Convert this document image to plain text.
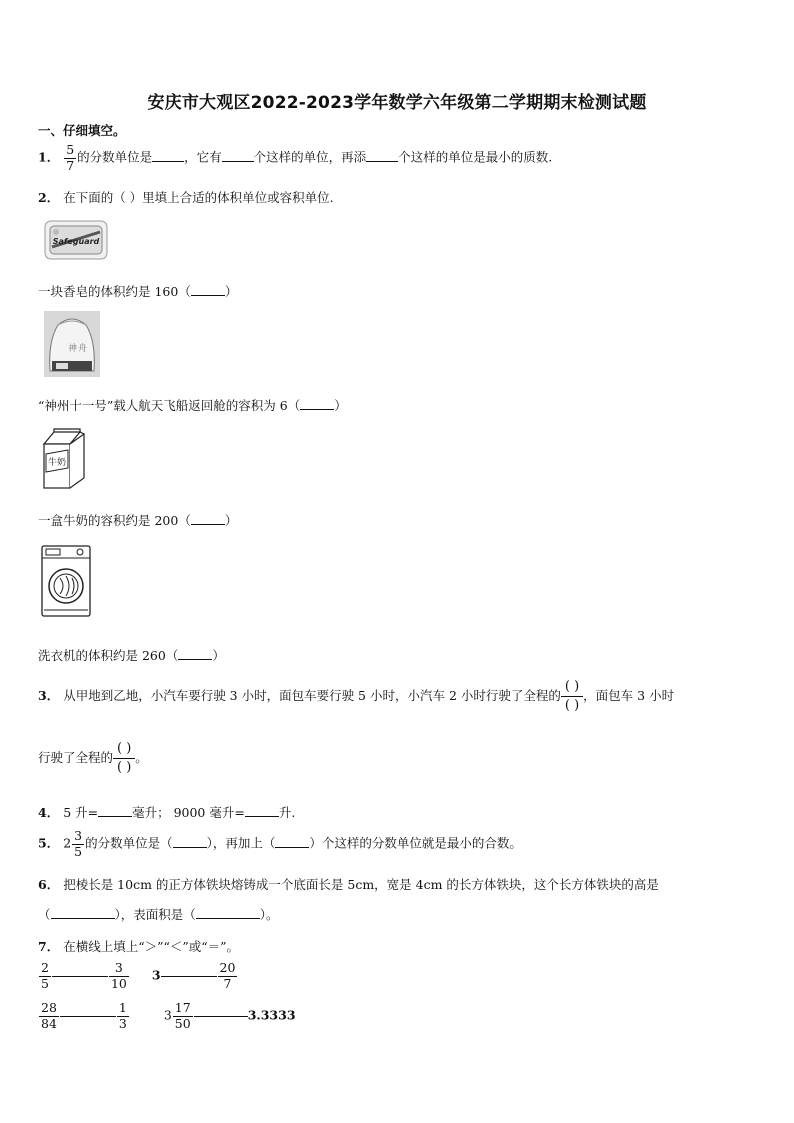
安庆市大观区2022-2023学年数学六年级第二学期期末检测试题
一、仔细填空。
1． $\frac{5}{7}$ 的分数单位是	，它有	个这样的单位，再添	个这样的单位是最小的质数.
2． 在下面的（ ）里填上合适的体积单位或容积单位.
Safeguard
一块香皂的体积约是 160（	）
神 舟
“神州十一号”载人航天飞船返回舱的容积为 6（	）
牛奶
一盒牛奶的容积约是 200（	）
洗衣机的体积约是 260（	）
3． 从甲地到乙地，小汽车要行驶 3 小时，面包车要行驶 5 小时，小汽车 2 小时行驶了全程的
( )
( )
，面包车 3 小时
行驶了全程的
( )
( )
。
4． 5 升=	毫升； 9000 毫升=	升.
5． $2 \frac{3}{5}$ 的分数单位是（	），再加上（	）个这样的分数单位就是最小的合数。
6． 把棱长是 10cm 的正方体铁块熔铸成一个底面长是 5cm，宽是 4cm 的长方体铁块，这个长方体铁块的高是
（	），表面积是（	）。
7． 在横线上填上“＞”“＜”或“＝”。
$\frac{2}{5}$	$\frac{3}{10} 3$	$\frac{20}{7}$
$\frac{28}{84}$	$\frac{1}{3}$	$3 \frac{17}{50}$	3.3333
